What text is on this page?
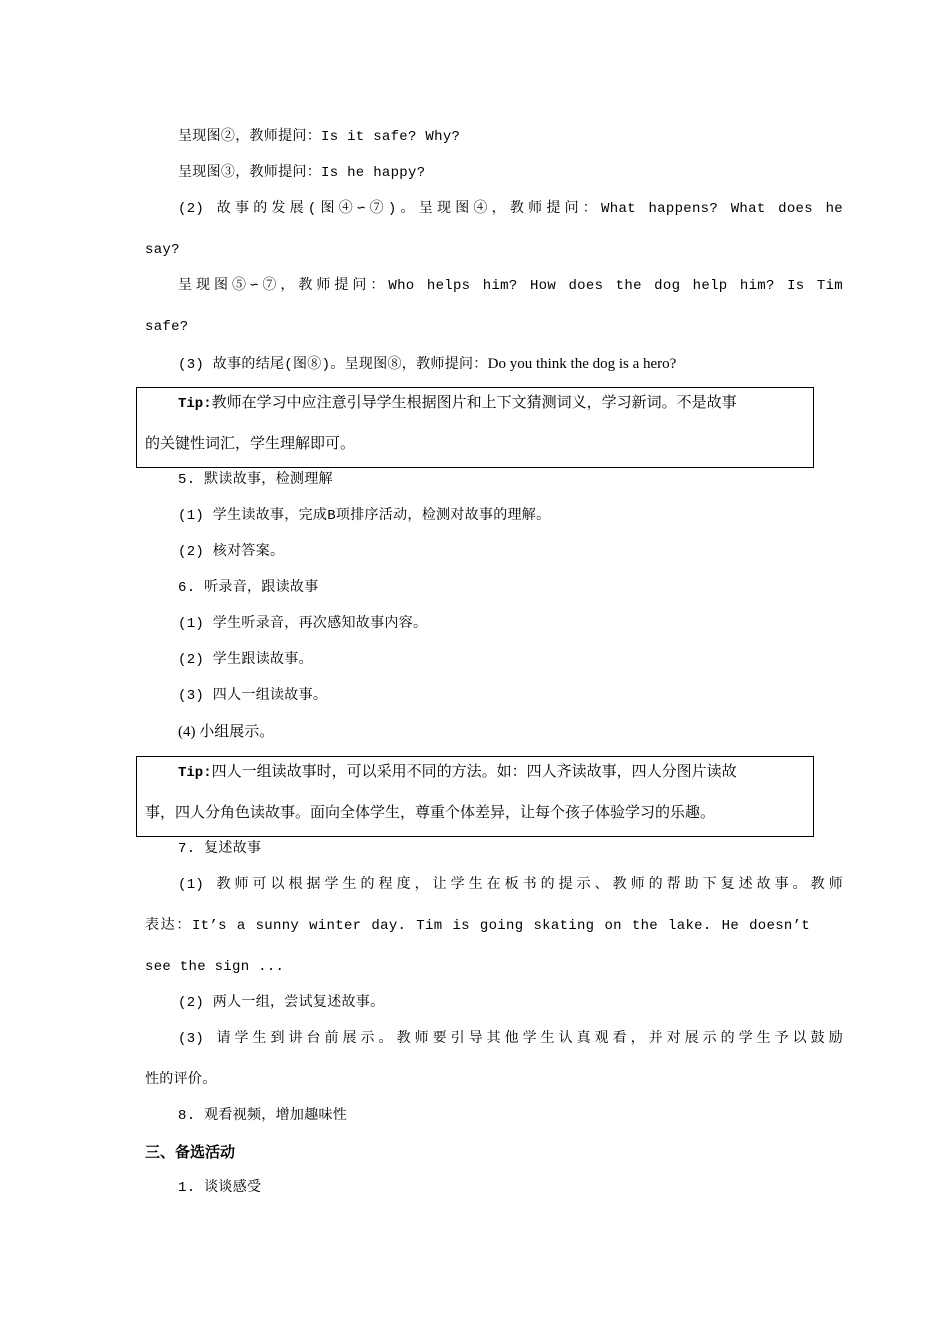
呈现图②，教师提问：Is it safe? Why?
呈现图③，教师提问：Is he happy?
(2) 故事的发展(图④∽⑦)。呈现图④，教师提问：What happens? What does he
say?
呈现图⑤∽⑦，教师提问：Who helps him? How does the dog help him? Is Tim
safe?
(3) 故事的结尾(图⑧)。呈现图⑧，教师提问：Do you think the dog is a hero?
Tip:教师在学习中应注意引导学生根据图片和上下文猜测词义，学习新词。不是故事
的关键性词汇，学生理解即可。
5. 默读故事，检测理解
(1) 学生读故事，完成B项排序活动，检测对故事的理解。
(2) 核对答案。
6. 听录音，跟读故事
(1) 学生听录音，再次感知故事内容。
(2) 学生跟读故事。
(3) 四人一组读故事。
(4) 小组展示。
Tip:四人一组读故事时，可以采用不同的方法。如：四人齐读故事，四人分图片读故
事，四人分角色读故事。面向全体学生，尊重个体差异，让每个孩子体验学习的乐趣。
7. 复述故事
(1) 教师可以根据学生的程度，让学生在板书的提示、教师的帮助下复述故事。教师
表达：It’s a sunny winter day. Tim is going skating on the lake. He doesn’t
see the sign ...
(2) 两人一组，尝试复述故事。
(3) 请学生到讲台前展示。教师要引导其他学生认真观看，并对展示的学生予以鼓励
性的评价。
8. 观看视频，增加趣味性
三、备选活动
1. 谈谈感受
